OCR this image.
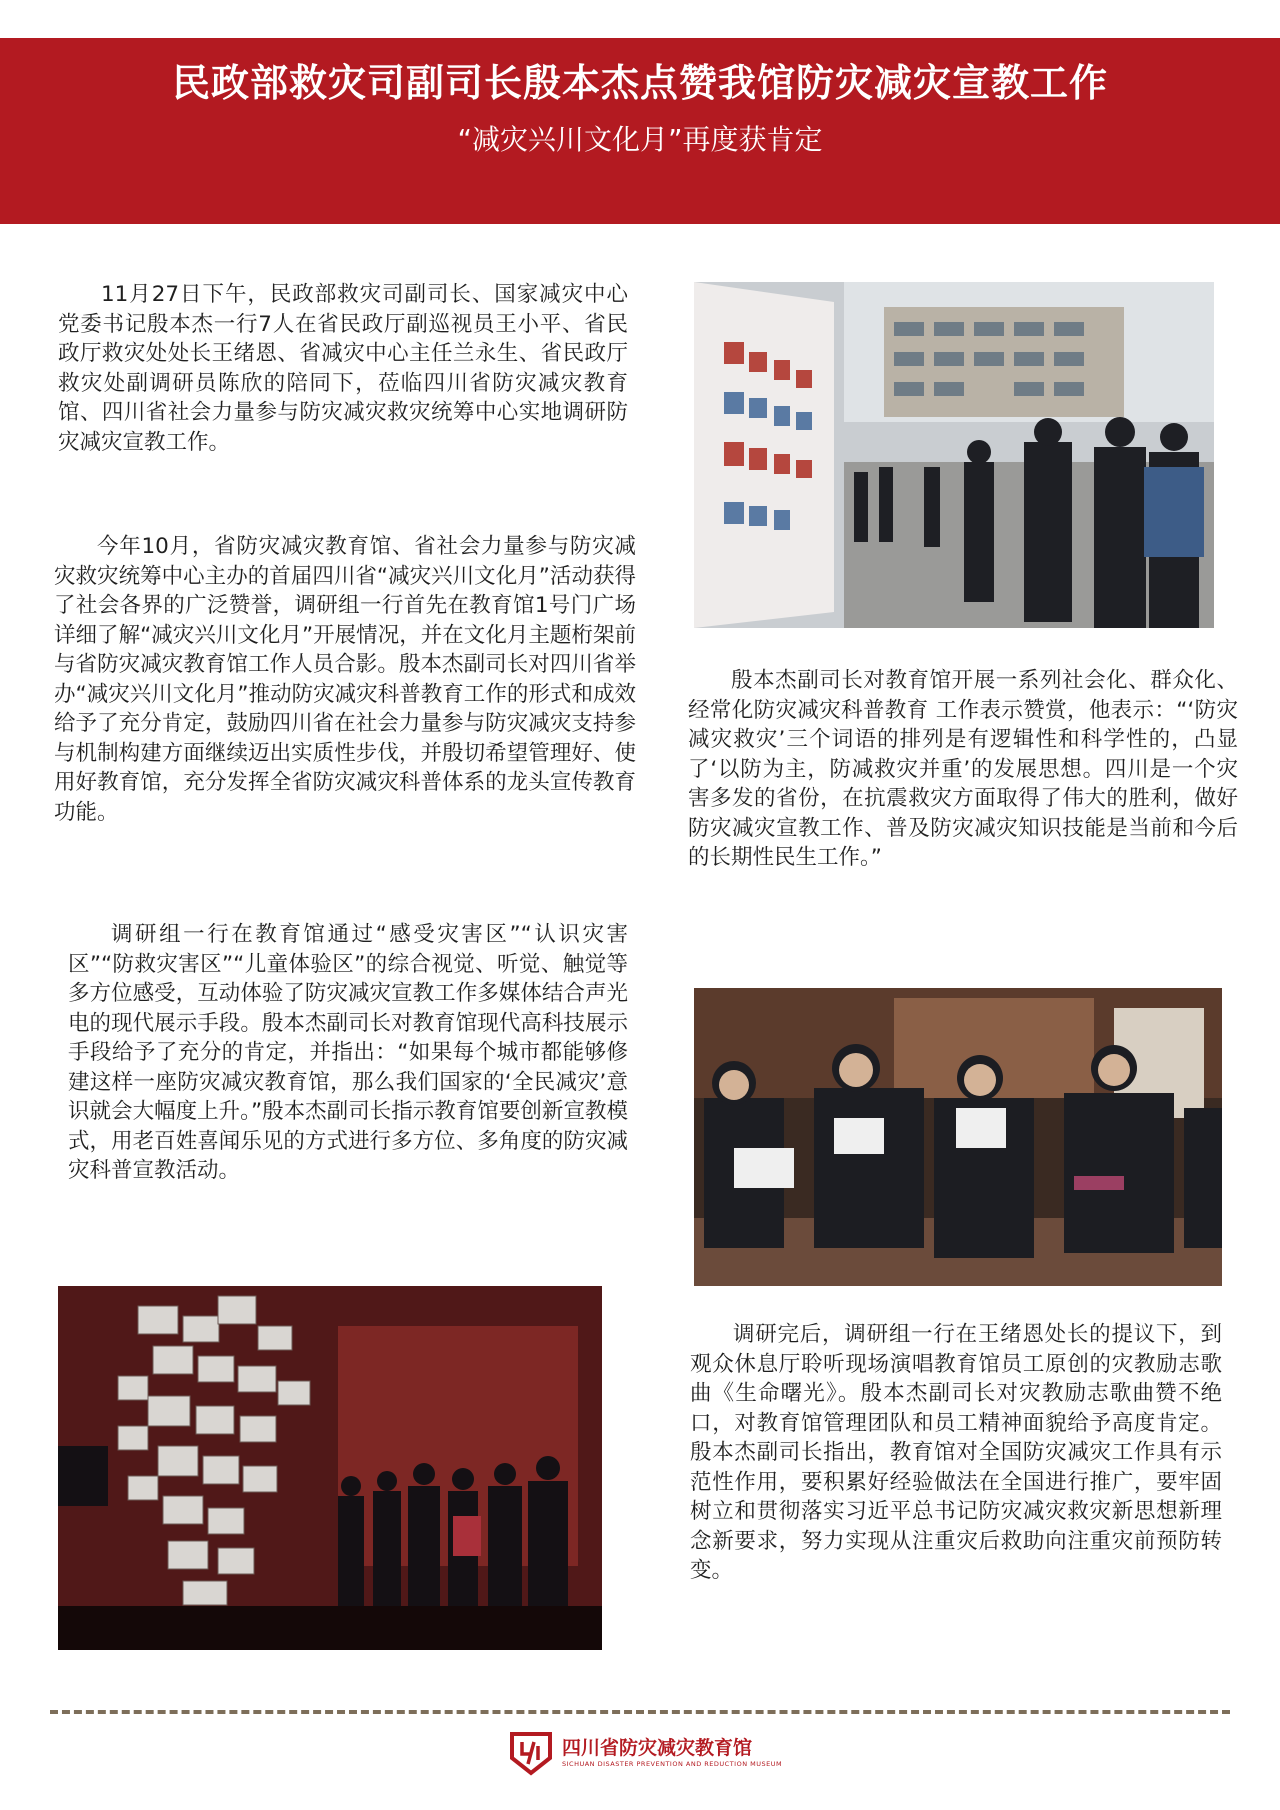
民政部救灾司副司长殷本杰点赞我馆防灾减灾宣教工作
“减灾兴川文化月”再度获肯定

11月27日下午，民政部救灾司副司长、国家减灾中心党委书记殷本杰一行7人在省民政厅副巡视员王小平、省民政厅救灾处处长王绪恩、省减灾中心主任兰永生、省民政厅救灾处副调研员陈欣的陪同下，莅临四川省防灾减灾教育馆、四川省社会力量参与防灾减灾救灾统筹中心实地调研防灾减灾宣教工作。

今年10月，省防灾减灾教育馆、省社会力量参与防灾减灾救灾统筹中心主办的首届四川省“减灾兴川文化月”活动获得了社会各界的广泛赞誉，调研组一行首先在教育馆1号门广场详细了解“减灾兴川文化月”开展情况，并在文化月主题桁架前与省防灾减灾教育馆工作人员合影。殷本杰副司长对四川省举办“减灾兴川文化月”推动防灾减灾科普教育工作的形式和成效给予了充分肯定，鼓励四川省在社会力量参与防灾减灾支持参与机制构建方面继续迈出实质性步伐，并殷切希望管理好、使用好教育馆，充分发挥全省防灾减灾科普体系的龙头宣传教育功能。

调研组一行在教育馆通过“感受灾害区”“认识灾害区”“防救灾害区”“儿童体验区”的综合视觉、听觉、触觉等多方位感受，互动体验了防灾减灾宣教工作多媒体结合声光电的现代展示手段。殷本杰副司长对教育馆现代高科技展示手段给予了充分的肯定，并指出：“如果每个城市都能够修建这样一座防灾减灾教育馆，那么我们国家的‘全民减灾’意识就会大幅度上升。”殷本杰副司长指示教育馆要创新宣教模式，用老百姓喜闻乐见的方式进行多方位、多角度的防灾减灾科普宣教活动。

殷本杰副司长对教育馆开展一系列社会化、群众化、经常化防灾减灾科普教育 工作表示赞赏，他表示：“‘防灾减灾救灾’三个词语的排列是有逻辑性和科学性的，凸显了‘以防为主，防减救灾并重’的发展思想。四川是一个灾害多发的省份，在抗震救灾方面取得了伟大的胜利，做好防灾减灾宣教工作、普及防灾减灾知识技能是当前和今后的长期性民生工作。”

调研完后，调研组一行在王绪恩处长的提议下，到观众休息厅聆听现场演唱教育馆员工原创的灾教励志歌曲《生命曙光》。殷本杰副司长对灾教励志歌曲赞不绝口，对教育馆管理团队和员工精神面貌给予高度肯定。殷本杰副司长指出，教育馆对全国防灾减灾工作具有示范性作用，要积累好经验做法在全国进行推广，要牢固树立和贯彻落实习近平总书记防灾减灾救灾新思想新理念新要求，努力实现从注重灾后救助向注重灾前预防转变。

四川省防灾减灾教育馆
SICHUAN DISASTER PREVENTION AND REDUCTION MUSEUM
